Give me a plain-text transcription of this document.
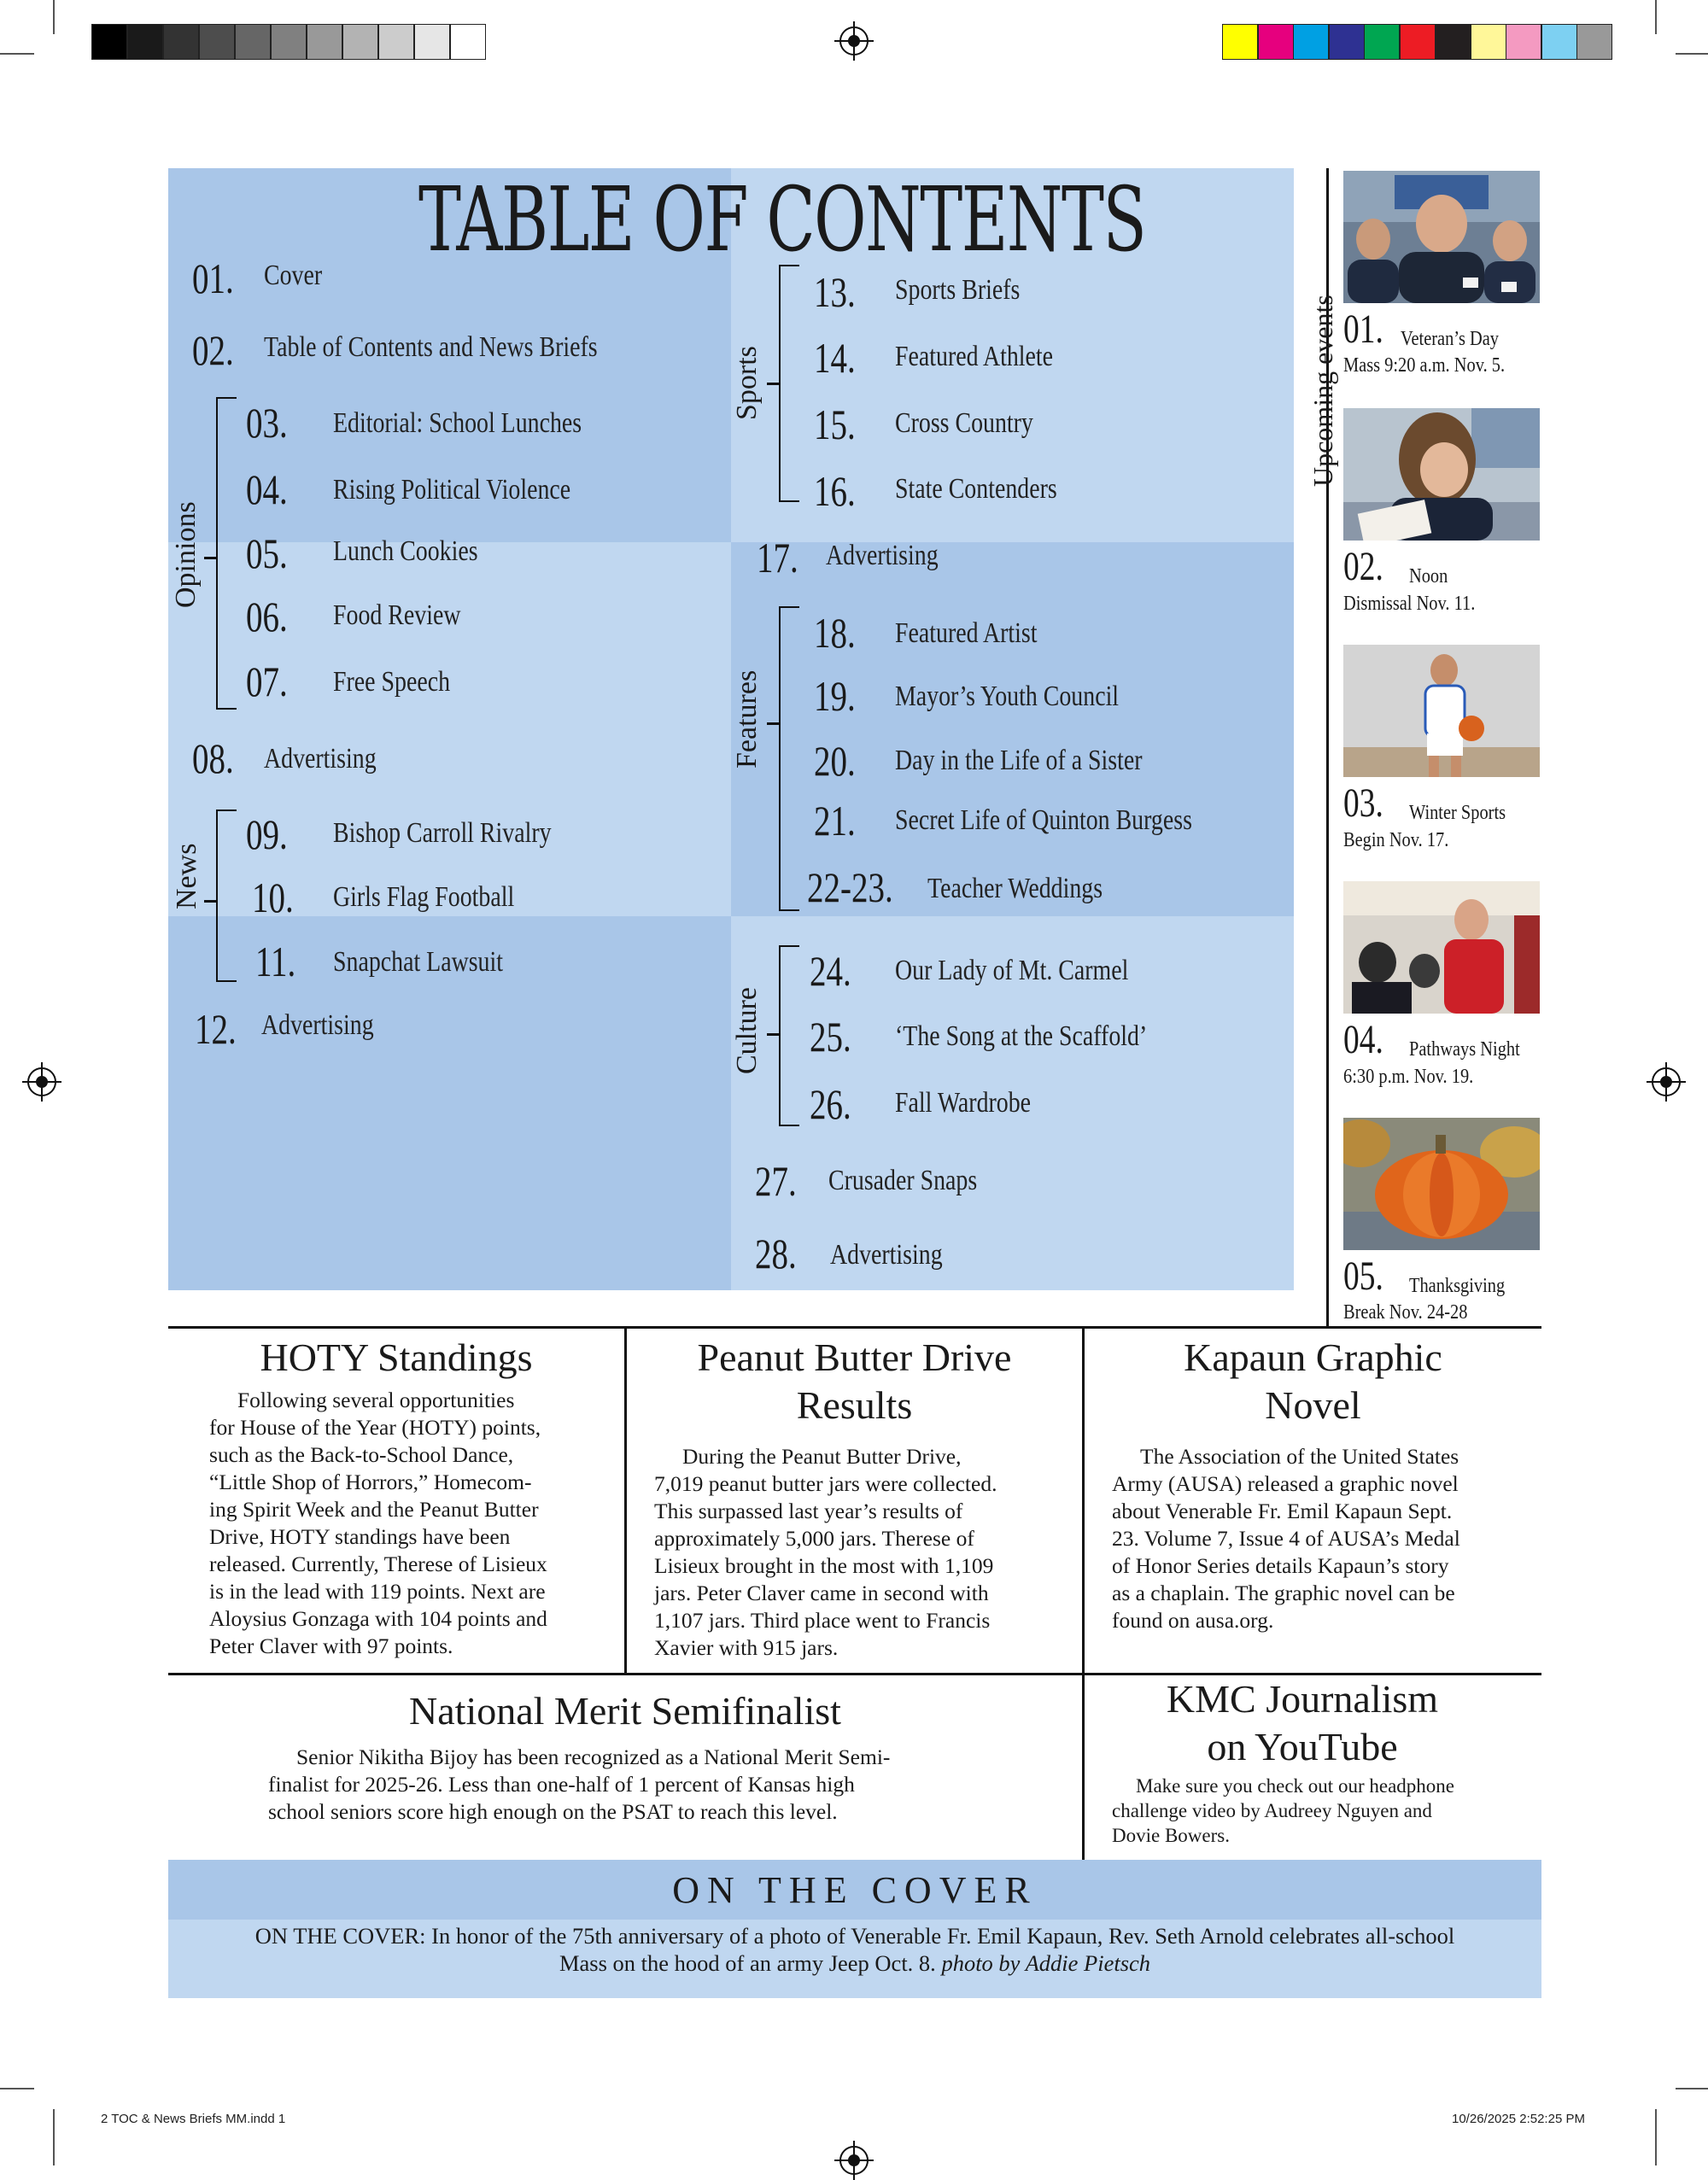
TABLE OF CONTENTS
Opinions
News
Sports
Features
Culture
01. Cover
02. Table of Contents and News Briefs
03. Editorial: School Lunches
04. Rising Political Violence
05. Lunch Cookies
06. Food Review
07. Free Speech
08. Advertising
09. Bishop Carroll Rivalry
10. Girls Flag Football
11. Snapchat Lawsuit
12. Advertising
13. Sports Briefs
14. Featured Athlete
15. Cross Country
16. State Contenders
17. Advertising
18. Featured Artist
19. Mayor’s Youth Council
20. Day in the Life of a Sister
21. Secret Life of Quinton Burgess
22-23. Teacher Weddings
24. Our Lady of Mt. Carmel
25. ‘The Song at the Scaffold’
26. Fall Wardrobe
27. Crusader Snaps
28. Advertising
Upcoming events 01. Veteran’s Day
Mass 9:20 a.m. Nov. 5.
02. Noon
Dismissal Nov. 11.
03. Winter Sports
Begin Nov. 17.
04. Pathways Night
6:30 p.m. Nov. 19.
05. Thanksgiving
Break Nov. 24-28
HOTY Standings
Following several opportunities
for House of the Year (HOTY) points,
such as the Back-to-School Dance,
“Little Shop of Horrors,” Homecom-
ing Spirit Week and the Peanut Butter
Drive, HOTY standings have been
released. Currently, Therese of Lisieux
is in the lead with 119 points. Next are
Aloysius Gonzaga with 104 points and
Peter Claver with 97 points.
Peanut Butter Drive
Results
During the Peanut Butter Drive,
7,019 peanut butter jars were collected.
This surpassed last year’s results of
approximately 5,000 jars. Therese of
Lisieux brought in the most with 1,109
jars. Peter Claver came in second with
1,107 jars. Third place went to Francis
Xavier with 915 jars.
Kapaun Graphic
Novel
The Association of the United States
Army (AUSA) released a graphic novel
about Venerable Fr. Emil Kapaun Sept.
23. Volume 7, Issue 4 of AUSA’s Medal
of Honor Series details Kapaun’s story
as a chaplain. The graphic novel can be
found on ausa.org.
National Merit Semifinalist
Senior Nikitha Bijoy has been recognized as a National Merit Semi-
finalist for 2025-26. Less than one-half of 1 percent of Kansas high
school seniors score high enough on the PSAT to reach this level.
KMC Journalism
on YouTube
Make sure you check out our headphone
challenge video by Audreey Nguyen and
Dovie Bowers.
ON THE COVER
ON THE COVER: In honor of the 75th anniversary of a photo of Venerable Fr. Emil Kapaun, Rev. Seth Arnold celebrates all-school
Mass on the hood of an army Jeep Oct. 8. photo by Addie Pietsch
2 TOC & News Briefs MM.indd 1	10/26/2025 2:52:25 PM
